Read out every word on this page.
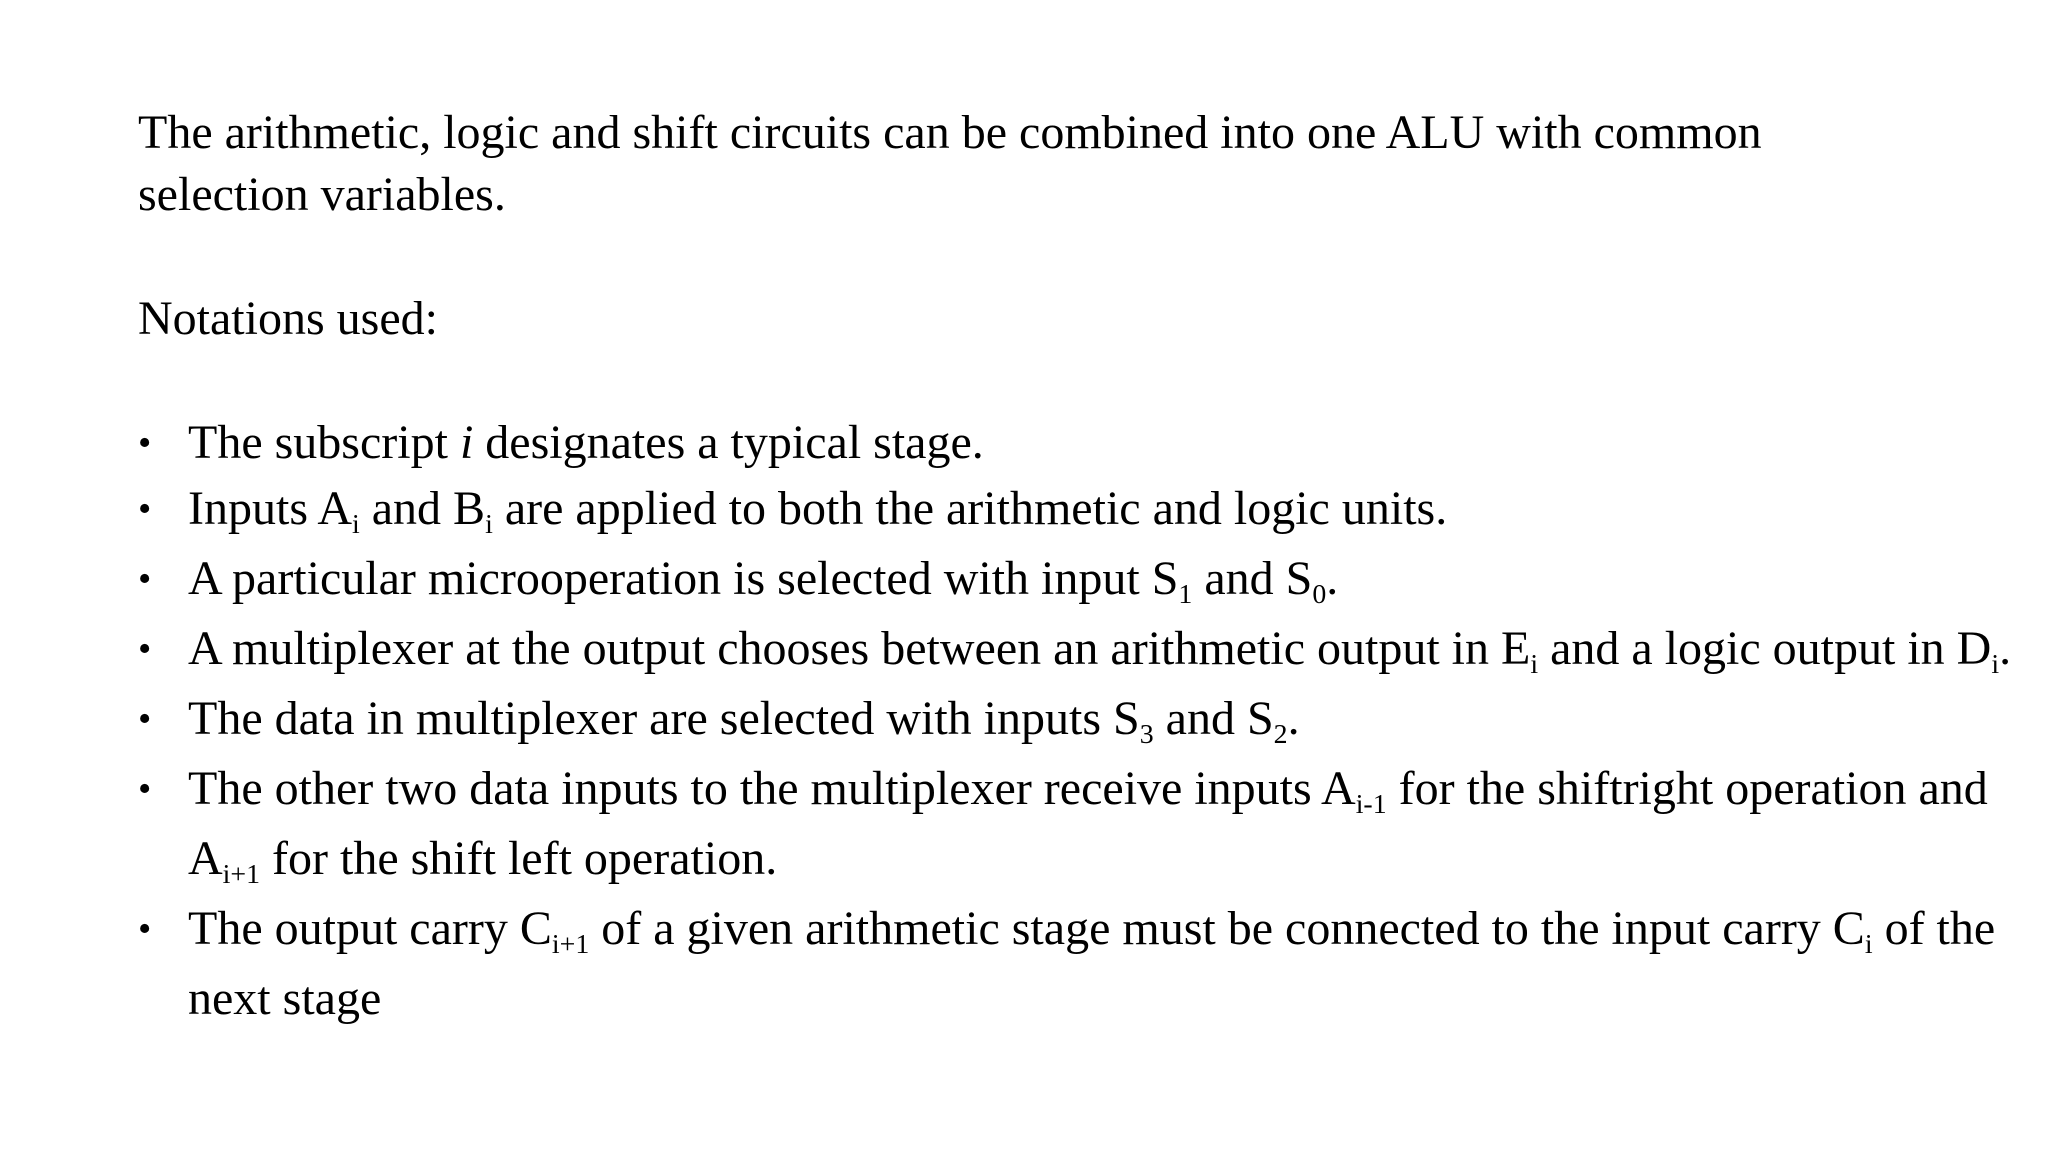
The arithmetic, logic and shift circuits can be combined into one ALU with common selection variables.

Notations used:

• The subscript i designates a typical stage.
• Inputs $A_i$ and $B_i$ are applied to both the arithmetic and logic units.
• A particular microoperation is selected with input $S_1$ and $S_0$.
• A multiplexer at the output chooses between an arithmetic output in $E_i$ and a logic output in $D_i$.
• The data in multiplexer are selected with inputs $S_3$ and $S_2$.
• The other two data inputs to the multiplexer receive inputs $A_{i-1}$ for the shiftright operation and $A_{i+1}$ for the shift left operation.
• The output carry $C_{i+1}$ of a given arithmetic stage must be connected to the input carry $C_i$ of the next stage
